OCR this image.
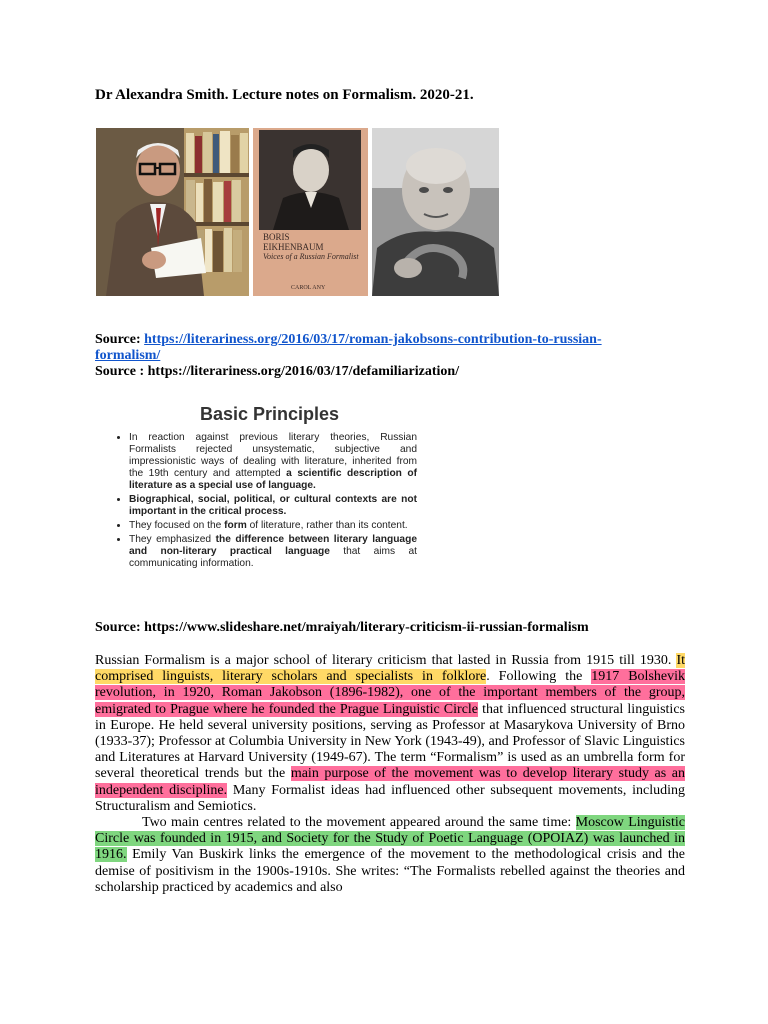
Dr Alexandra Smith. Lecture notes on Formalism. 2020-21.
BORIS
EIKHENBAUM
Voices of a Russian Formalist
CAROL ANY
Source: https://literariness.org/2016/03/17/roman-jakobsons-contribution-to-russian-
formalism/
Source : https://literariness.org/2016/03/17/defamiliarization/
Basic Principles
• In reaction against previous literary theories, Russian Formalists rejected unsystematic, subjective and impressionistic ways of dealing with literature, inherited from the 19th century and attempted a scientific description of literature as a special use of language.
• Biographical, social, political, or cultural contexts are not important in the critical process.
• They focused on the form of literature, rather than its content.
• They emphasized the difference between literary language and non-literary practical language that aims at communicating information.
Source: https://www.slideshare.net/mraiyah/literary-criticism-ii-russian-formalism

Russian Formalism is a major school of literary criticism that lasted in Russia from 1915 till 1930. It comprised linguists, literary scholars and specialists in folklore. Following the 1917 Bolshevik revolution, in 1920, Roman Jakobson (1896-1982), one of the important members of the group, emigrated to Prague where he founded the Prague Linguistic Circle that influenced structural linguistics in Europe. He held several university positions, serving as Professor at Masarykova University of Brno (1933-37); Professor at Columbia University in New York (1943-49), and Professor of Slavic Linguistics and Literatures at Harvard University (1949-67). The term “Formalism” is used as an umbrella form for several theoretical trends but the main purpose of the movement was to develop literary study as an independent discipline. Many Formalist ideas had influenced other subsequent movements, including Structuralism and Semiotics.

Two main centres related to the movement appeared around the same time: Moscow Linguistic Circle was founded in 1915, and Society for the Study of Poetic Language (OPOIAZ) was launched in 1916. Emily Van Buskirk links the emergence of the movement to the methodological crisis and the demise of positivism in the 1900s-1910s. She writes: “The Formalists rebelled against the theories and scholarship practiced by academics and also
